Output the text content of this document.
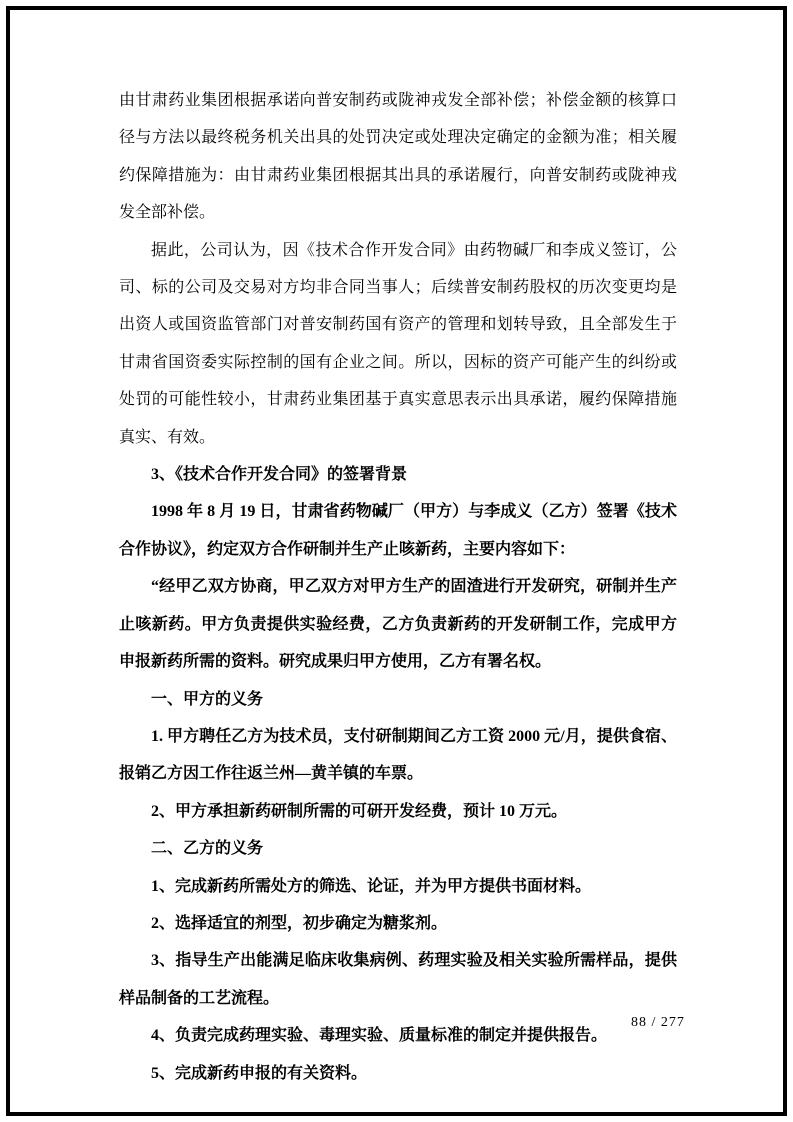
由甘肃药业集团根据承诺向普安制药或陇神戎发全部补偿；补偿金额的核算口径与方法以最终税务机关出具的处罚决定或处理决定确定的金额为准；相关履约保障措施为：由甘肃药业集团根据其出具的承诺履行，向普安制药或陇神戎发全部补偿。

据此，公司认为，因《技术合作开发合同》由药物碱厂和李成义签订，公司、标的公司及交易对方均非合同当事人；后续普安制药股权的历次变更均是出资人或国资监管部门对普安制药国有资产的管理和划转导致，且全部发生于甘肃省国资委实际控制的国有企业之间。所以，因标的资产可能产生的纠纷或处罚的可能性较小，甘肃药业集团基于真实意思表示出具承诺，履约保障措施真实、有效。

3、《技术合作开发合同》的签署背景

1998 年 8 月 19 日，甘肃省药物碱厂（甲方）与李成义（乙方）签署《技术合作协议》，约定双方合作研制并生产止咳新药，主要内容如下：

“经甲乙双方协商，甲乙双方对甲方生产的固渣进行开发研究，研制并生产止咳新药。甲方负责提供实验经费，乙方负责新药的开发研制工作，完成甲方申报新药所需的资料。研究成果归甲方使用，乙方有署名权。

一、甲方的义务

1. 甲方聘任乙方为技术员，支付研制期间乙方工资 2000 元/月，提供食宿、报销乙方因工作往返兰州—黄羊镇的车票。

2、甲方承担新药研制所需的可研开发经费，预计 10 万元。

二、乙方的义务

1、完成新药所需处方的筛选、论证，并为甲方提供书面材料。

2、选择适宜的剂型，初步确定为糖浆剂。

3、指导生产出能满足临床收集病例、药理实验及相关实验所需样品，提供样品制备的工艺流程。

4、负责完成药理实验、毒理实验、质量标准的制定并提供报告。

5、完成新药申报的有关资料。

88 / 277
